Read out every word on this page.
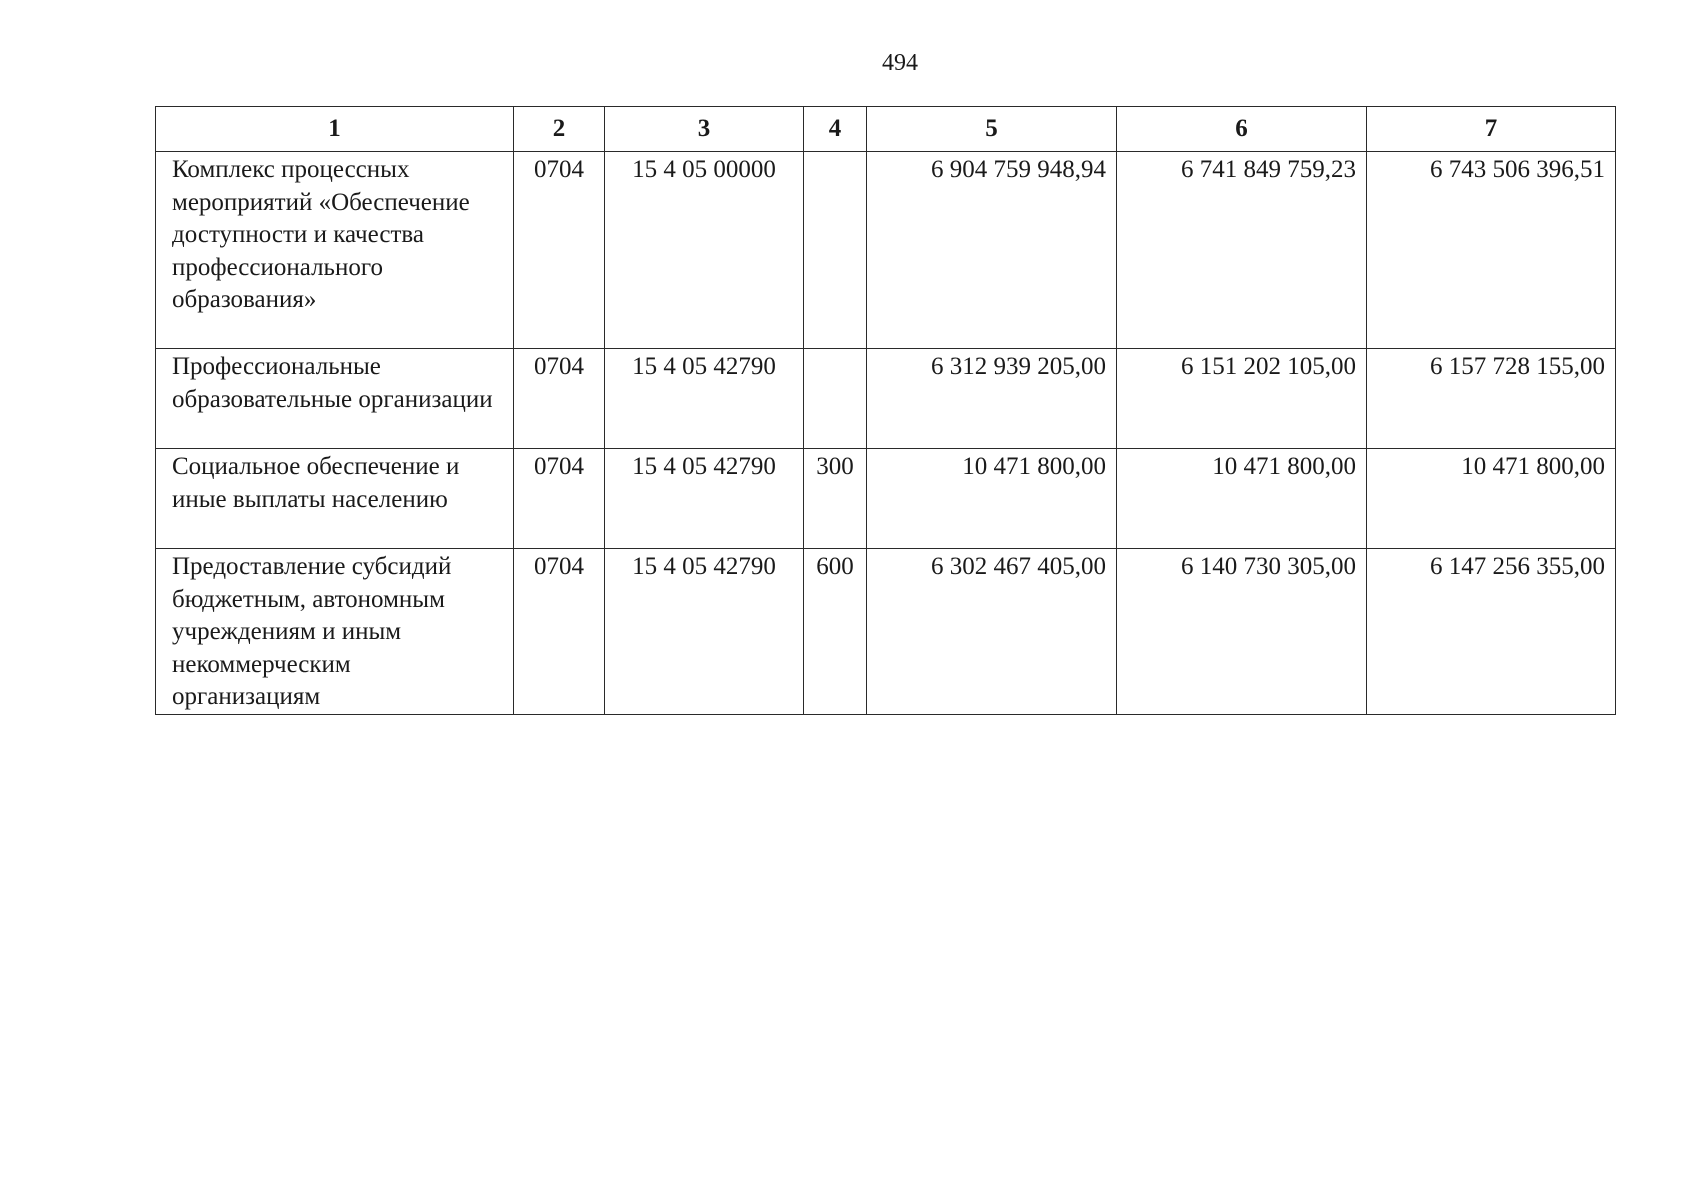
494
1	2	3	4	5	6	7
Комплекс процессных мероприятий «Обеспечение доступности и качества профессионального образования»	0704	15 4 05 00000		6 904 759 948,94	6 741 849 759,23	6 743 506 396,51
Профессиональные образовательные организации	0704	15 4 05 42790		6 312 939 205,00	6 151 202 105,00	6 157 728 155,00
Социальное обеспечение и иные выплаты населению	0704	15 4 05 42790	300	10 471 800,00	10 471 800,00	10 471 800,00
Предоставление субсидий бюджетным, автономным учреждениям и иным некоммерческим организациям	0704	15 4 05 42790	600	6 302 467 405,00	6 140 730 305,00	6 147 256 355,00
